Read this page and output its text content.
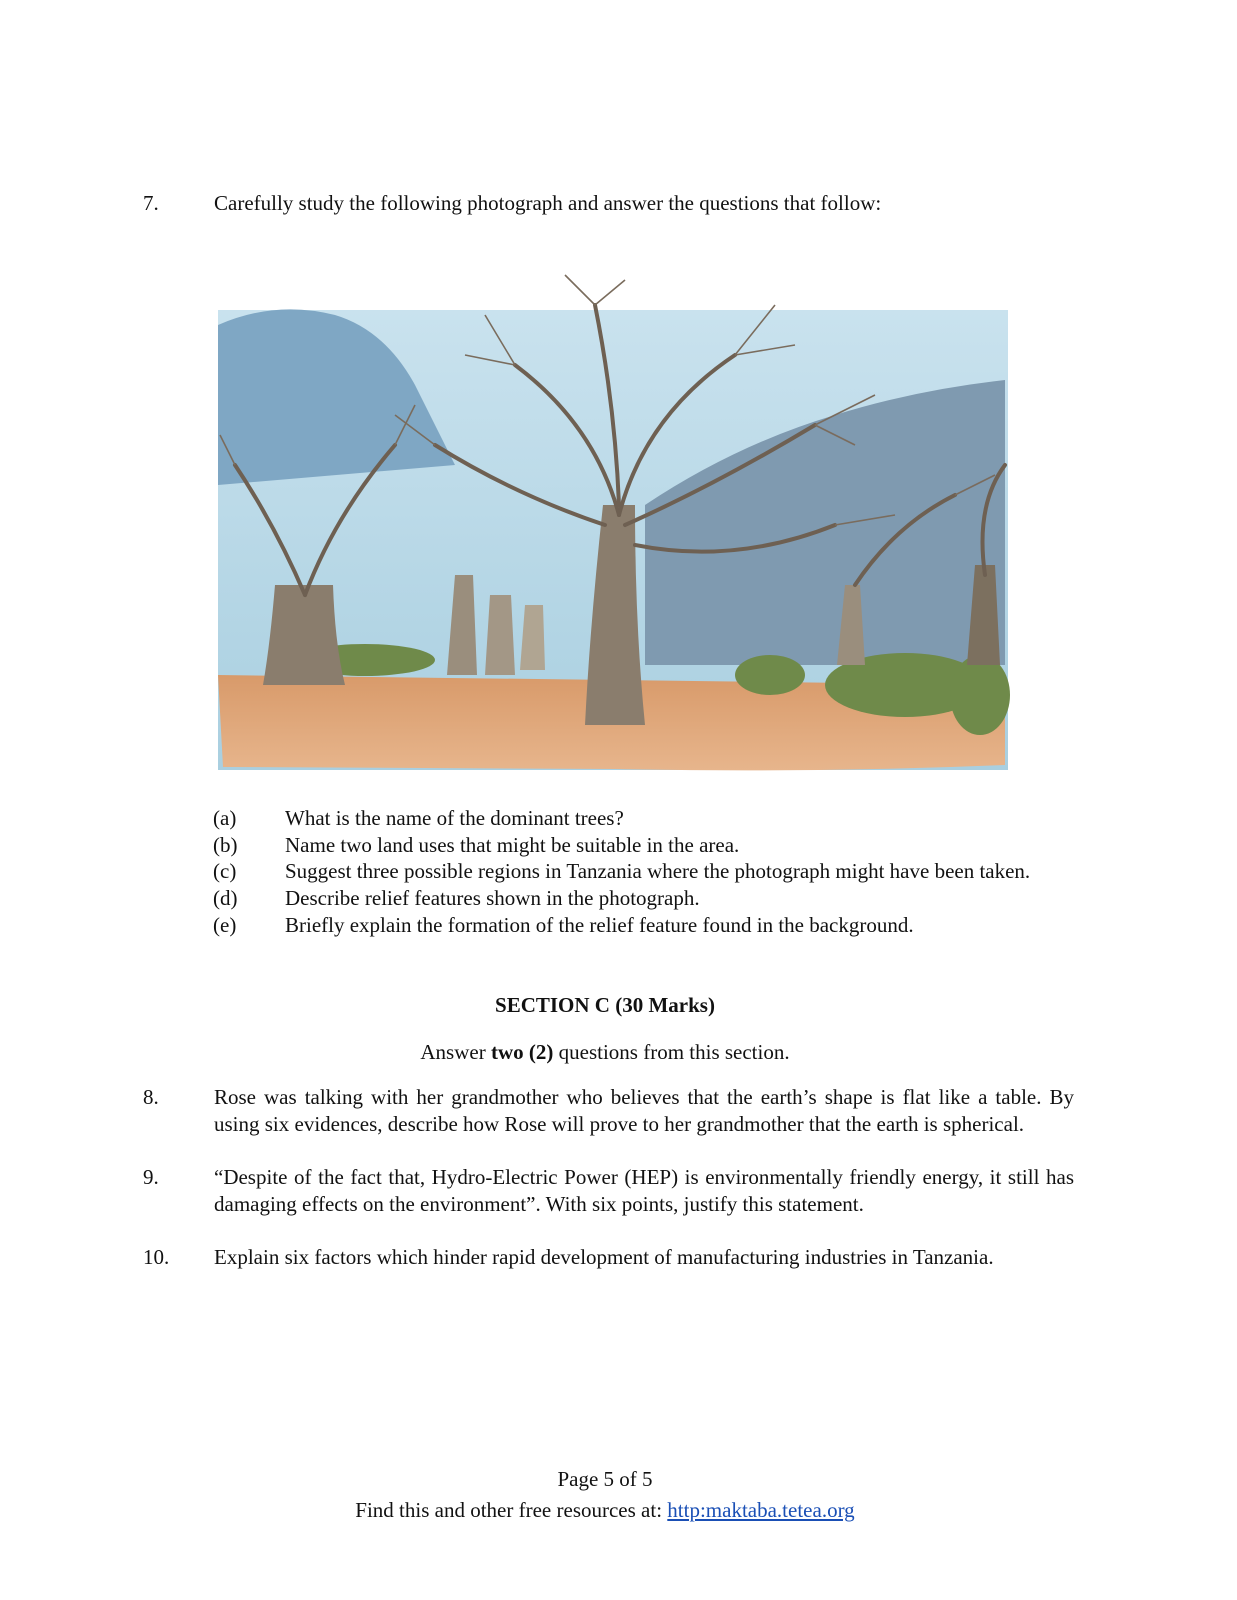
7.	Carefully study the following photograph and answer the questions that follow:
(a) What is the name of the dominant trees?
(b) Name two land uses that might be suitable in the area.
(c) Suggest three possible regions in Tanzania where the photograph might have been taken.
(d) Describe relief features shown in the photograph.
(e) Briefly explain the formation of the relief feature found in the background.
SECTION C (30 Marks)
Answer two (2) questions from this section.
8.	Rose was talking with her grandmother who believes that the earth’s shape is flat like a table. By using six evidences, describe how Rose will prove to her grandmother that the earth is spherical.
9.	“Despite of the fact that, Hydro-Electric Power (HEP) is environmentally friendly energy, it still has damaging effects on the environment”. With six points, justify this statement.
10. Explain six factors which hinder rapid development of manufacturing industries in Tanzania.
Page 5 of 5
Find this and other free resources at: http:maktaba.tetea.org
